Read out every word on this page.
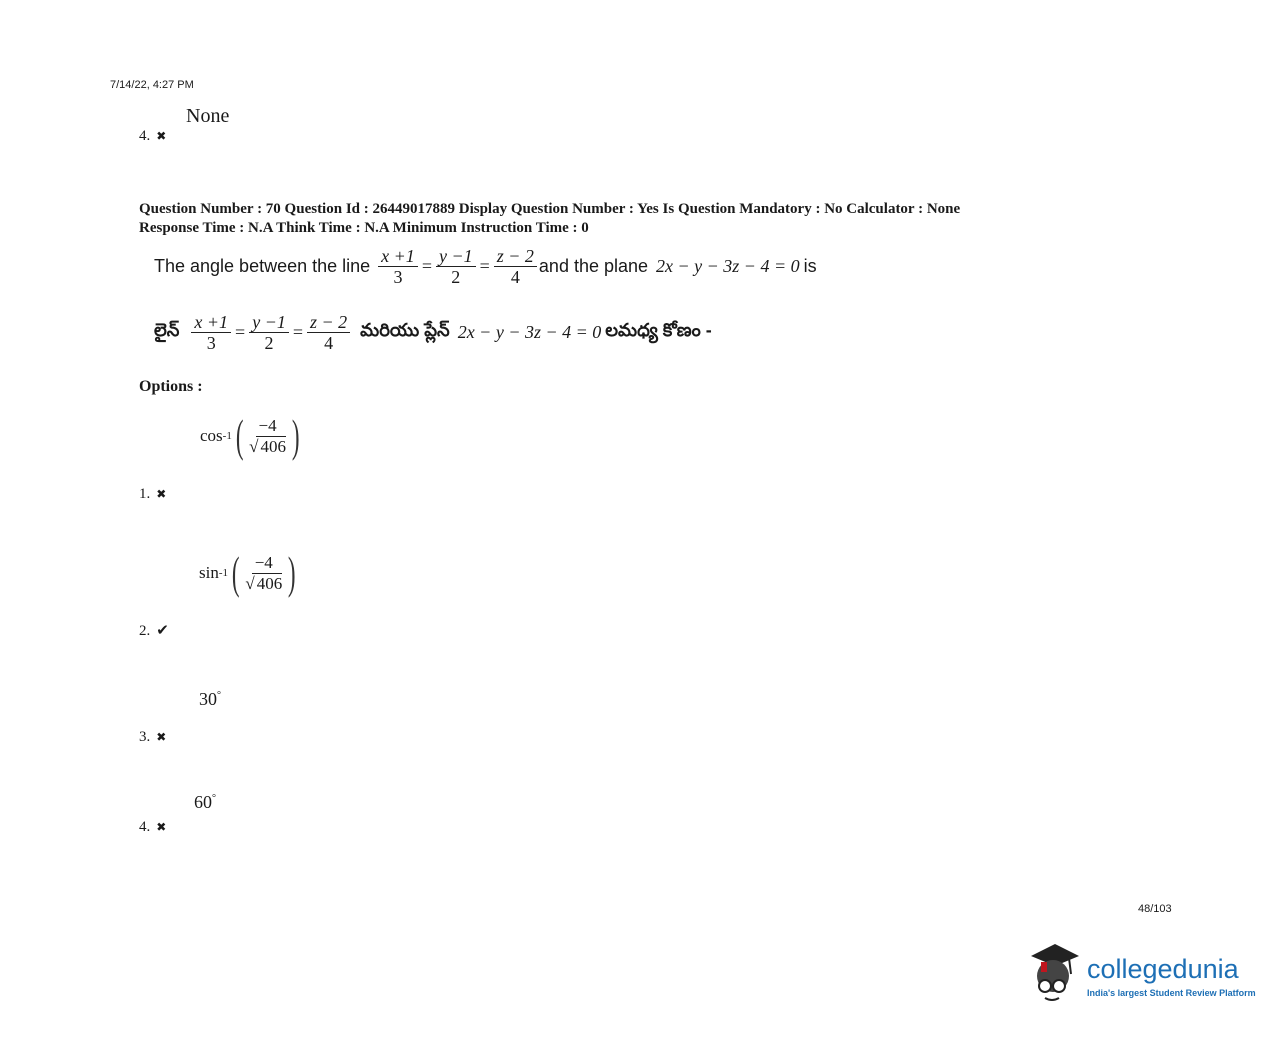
7/14/22, 4:27 PM
None
4. ✖
Question Number : 70 Question Id : 26449017889 Display Question Number : Yes Is Question Mandatory : No Calculator : None
Response Time : N.A Think Time : N.A Minimum Instruction Time : 0
The angle between the line $\frac{x +1}{3} = \frac{y -1}{2} = \frac{z - 2}{4}$ and the plane 2x − y − 3z − 4 = 0 is
లైన్ $\frac{x +1}{3} = \frac{y -1}{2} = \frac{z - 2}{4}$ మరియు ప్లేన్ 2x − y − 3z − 4 = 0 లమధ్య కోణం -
Options :
cos -1 ( $\frac{-4}{√ 406}$ )
1. ✖
sin -1 ( $\frac{-4}{√ 406}$ )
2. ✔
30°
3. ✖
60°
4. ✖
48/103
collegedunia
India's largest Student Review Platform
